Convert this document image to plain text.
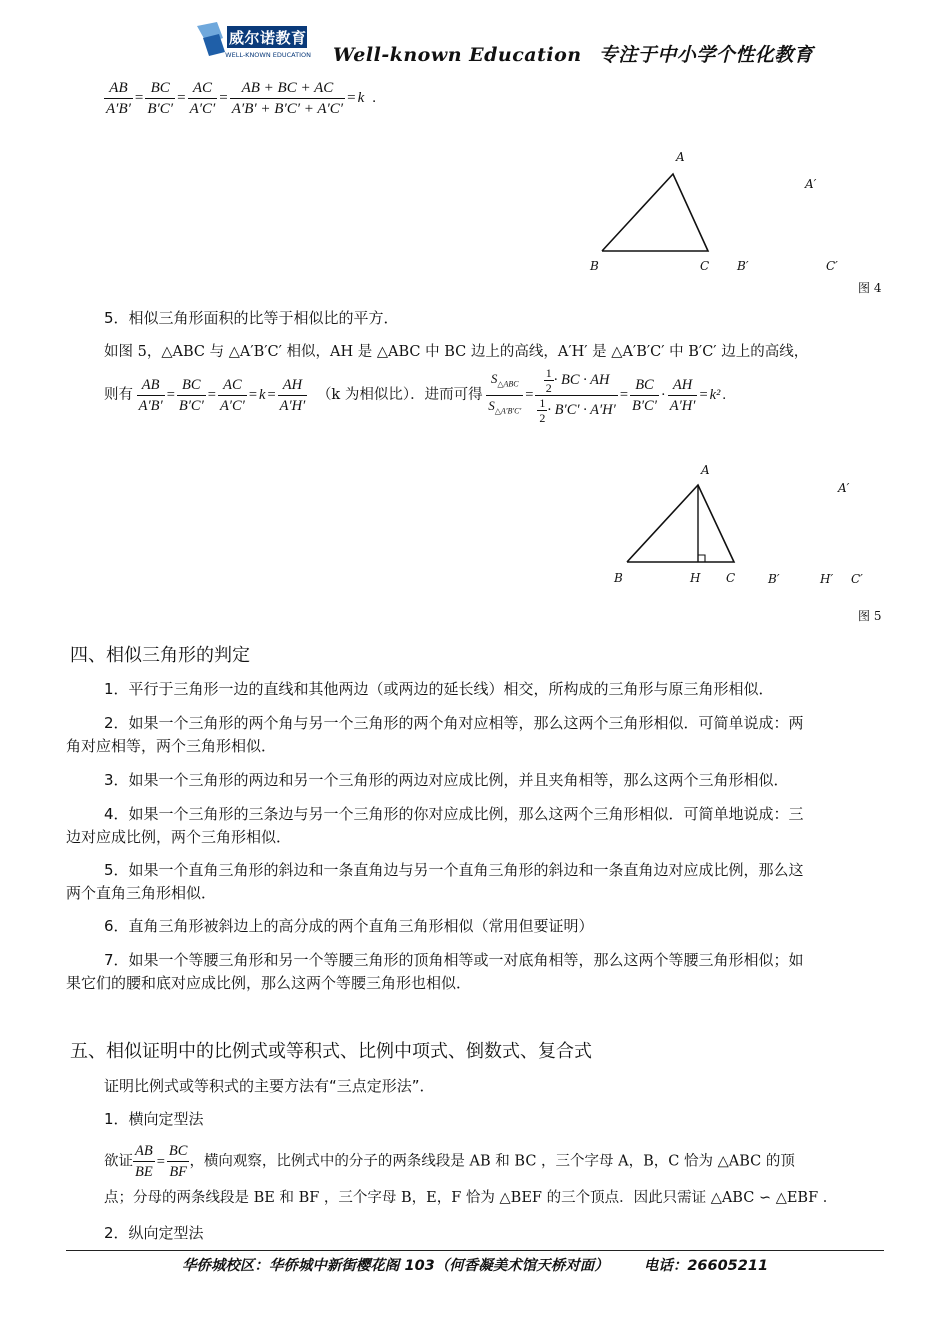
威尔诺教育
WELL-KNOWN EDUCATION Well-known Education 专注于中小学个性化教育
$\frac{AB}{A'B'} = \frac{BC}{B'C'} = \frac{AC}{A'C'} = \frac{AB + BC + AC}{A'B' + B'C' + A'C'} = k$ .
A
B	C
A′
B′	C′
图 4
5．相似三角形面积的比等于相似比的平方．
如图 5，△ABC 与 △A′B′C′ 相似，AH 是 △ABC 中 BC 边上的高线，A′H′ 是 △A′B′C′ 中 B′C′ 边上的高线，
则有 $\frac{AB}{A'B'} = \frac{BC}{B'C'} = \frac{AC}{A'C'} = k = \frac{AH}{A'H'} (k$ 为相似比）．进而可得 $\frac{S_{\triangle ABC}}{S_{\triangle A'B'C'}} = \frac{\frac{1}{2} \cdot BC \cdot AH}{\frac{1}{2} \cdot B'C' \cdot A'H'} = \frac{BC}{B'C'} \cdot \frac{AH}{A'H'} = k^2$ .
A
B	H C
A′
B′	H′ C′
图 5
四、相似三角形的判定
1．平行于三角形一边的直线和其他两边（或两边的延长线）相交，所构成的三角形与原三角形相似．
2．如果一个三角形的两个角与另一个三角形的两个角对应相等，那么这两个三角形相似．可简单说成：两
角对应相等，两个三角形相似．
3．如果一个三角形的两边和另一个三角形的两边对应成比例，并且夹角相等，那么这两个三角形相似．
4．如果一个三角形的三条边与另一个三角形的你对应成比例，那么这两个三角形相似．可简单地说成：三
边对应成比例，两个三角形相似．
5．如果一个直角三角形的斜边和一条直角边与另一个直角三角形的斜边和一条直角边对应成比例，那么这
两个直角三角形相似．
6．直角三角形被斜边上的高分成的两个直角三角形相似（常用但要证明）
7．如果一个等腰三角形和另一个等腰三角形的顶角相等或一对底角相等，那么这两个等腰三角形相似；如
果它们的腰和底对应成比例，那么这两个等腰三角形也相似．
五、相似证明中的比例式或等积式、比例中项式、倒数式、复合式
证明比例式或等积式的主要方法有“三点定形法”．
1．横向定型法
欲证 $\frac{AB}{BE} = \frac{BC}{BF}$ ，横向观察，比例式中的分子的两条线段是 AB 和 BC ，三个字母 A，B，C 恰为 △ABC 的顶
点；分母的两条线段是 BE 和 BF ，三个字母 B，E，F 恰为 △BEF 的三个顶点．因此只需证 △ABC ∽ △EBF ．
2．纵向定型法
华侨城校区：华侨城中新街樱花阁 103（何香凝美术馆天桥对面） 电话：26605211
